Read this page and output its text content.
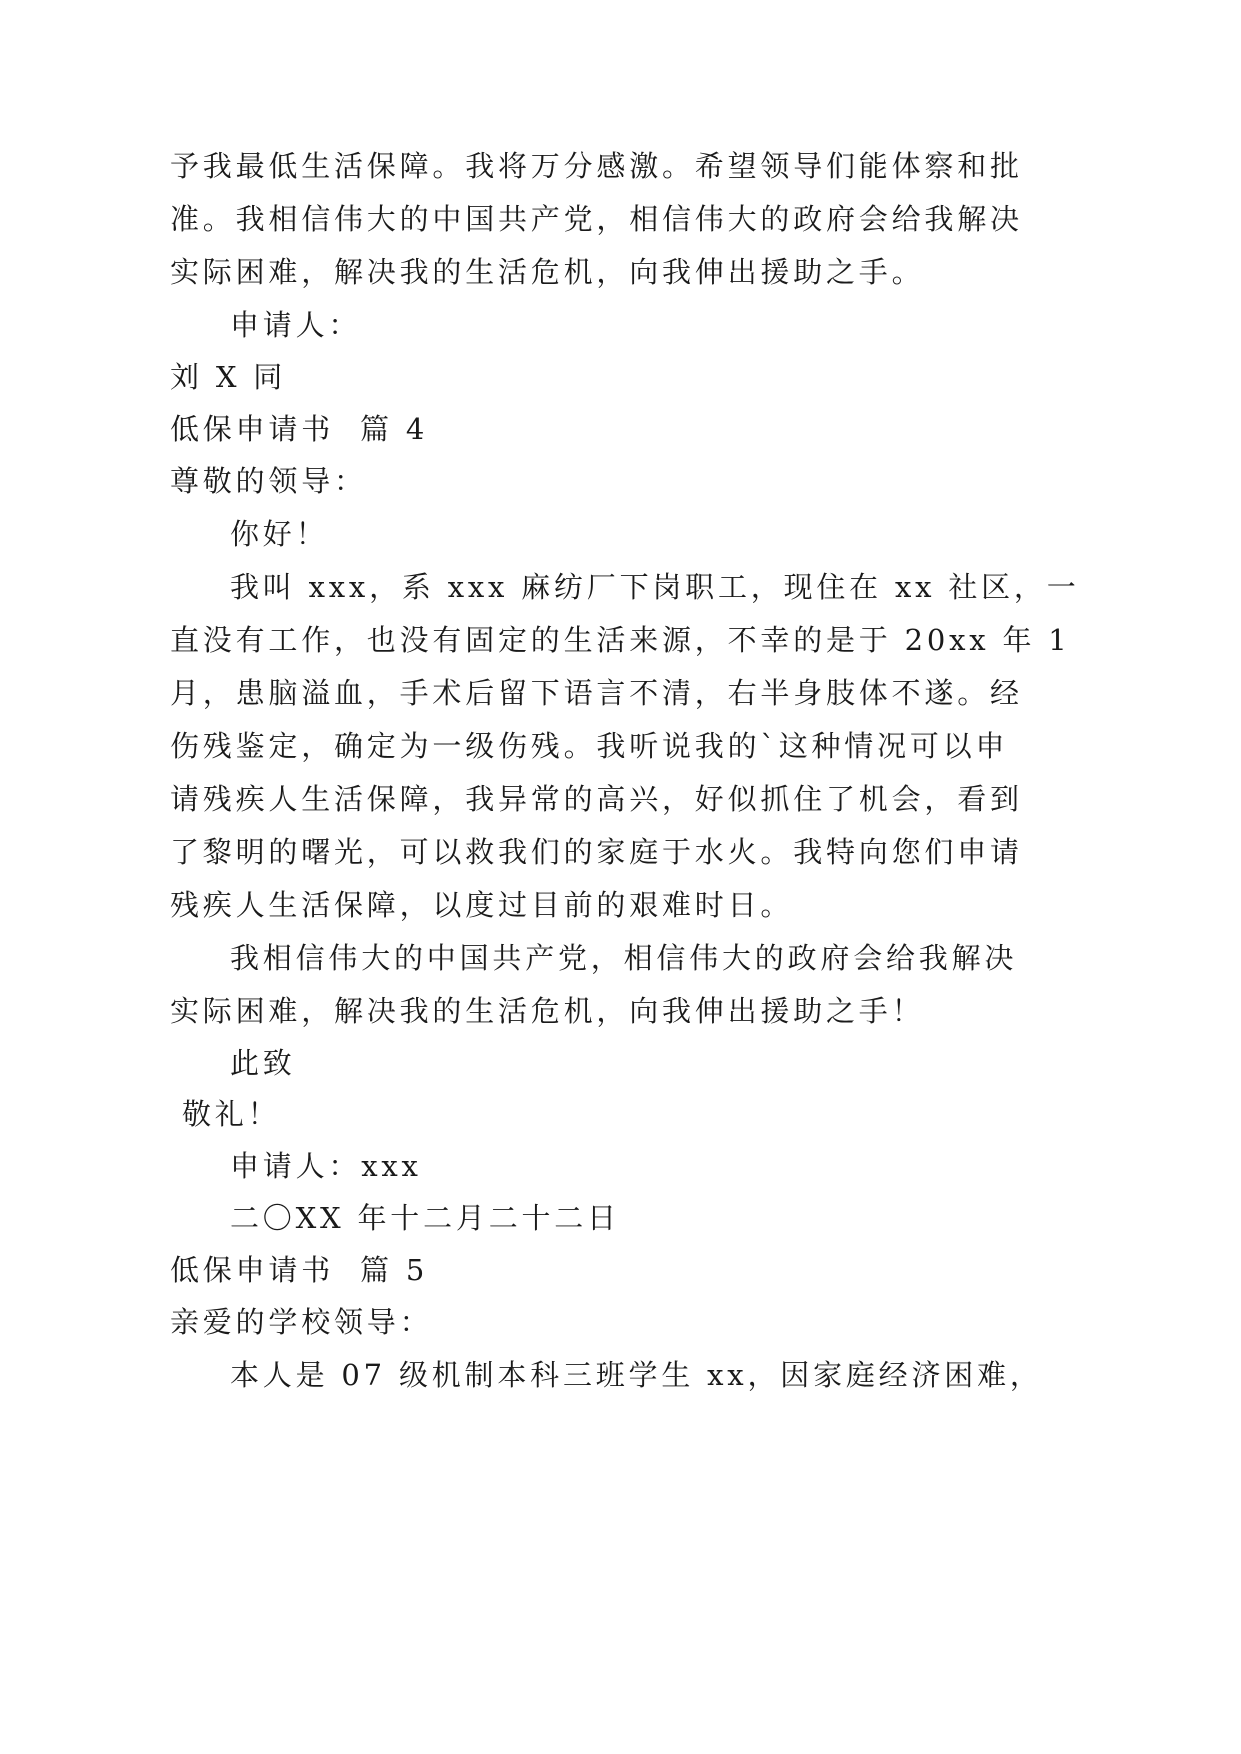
予我最低生活保障。我将万分感激。希望领导们能体察和批
准。我相信伟大的中国共产党，相信伟大的政府会给我解决
实际困难，解决我的生活危机，向我伸出援助之手。
申请人：
刘 X 同
低保申请书  篇 4
尊敬的领导：
你好！
我叫 xxx，系 xxx 麻纺厂下岗职工，现住在 xx 社区，一
直没有工作，也没有固定的生活来源，不幸的是于 20xx 年 1
月，患脑溢血，手术后留下语言不清，右半身肢体不遂。经
伤残鉴定，确定为一级伤残。我听说我的`这种情况可以申
请残疾人生活保障，我异常的高兴，好似抓住了机会，看到
了黎明的曙光，可以救我们的家庭于水火。我特向您们申请
残疾人生活保障，以度过目前的艰难时日。
我相信伟大的中国共产党，相信伟大的政府会给我解决
实际困难，解决我的生活危机，向我伸出援助之手！
此致
敬礼！
申请人：xxx
二〇XX 年十二月二十二日
低保申请书  篇 5
亲爱的学校领导：
本人是 07 级机制本科三班学生 xx，因家庭经济困难，
